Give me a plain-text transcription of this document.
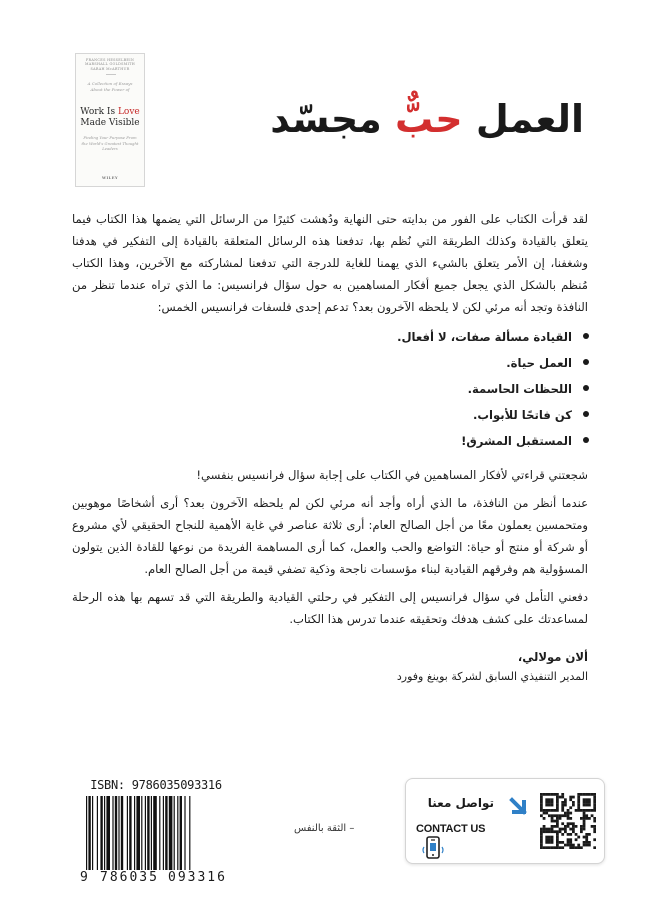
FRANCES HESSELBEIN MARSHALL GOLDSMITH SARAH McARTHUR
A Collection of Essays About the Power of
Work Is Love
Made Visible
Finding Your Purpose From the World's Greatest Thought Leaders
WILEY
العمل حبٌّ مجسّد

لقد قرأت الكتاب على الفور من بدايته حتى النهاية ودُهشت كثيرًا من الرسائل التي يضمها هذا الكتاب فيما يتعلق بالقيادة وكذلك الطريقة التي نُظم بها، تدفعنا هذه الرسائل المتعلقة بالقيادة إلى التفكير في هدفنا وشغفنا، إن الأمر يتعلق بالشيء الذي يهمنا للغاية للدرجة التي تدفعنا لمشاركته مع الآخرين، وهذا الكتاب مُنظم بالشكل الذي يجعل جميع أفكار المساهمين به حول سؤال فرانسيس: ما الذي تراه عندما تنظر من النافذة وتجد أنه مرئي لكن لا يلحظه الآخرون بعد؟ تدعم إحدى فلسفات فرانسيس الخمس:

القيادة مسألة صفات، لا أفعال.
العمل حياة.
اللحظات الحاسمة.
كن فاتحًا للأبواب.
المستقبل المشرق!

شجعتني قراءتي لأفكار المساهمين في الكتاب على إجابة سؤال فرانسيس بنفسي!

عندما أنظر من النافذة، ما الذي أراه وأجد أنه مرئي لكن لم يلحظه الآخرون بعد؟ أرى أشخاصًا موهوبين ومتحمسين يعملون معًا من أجل الصالح العام: أرى ثلاثة عناصر في غاية الأهمية للنجاح الحقيقي لأي مشروع أو شركة أو منتج أو حياة: التواضع والحب والعمل، كما أرى المساهمة الفريدة من نوعها للقادة الذين يتولون المسؤولية هم وفرقهم القيادية لبناء مؤسسات ناجحة وذكية تضفي قيمة من أجل الصالح العام.

دفعني التأمل في سؤال فرانسيس إلى التفكير في رحلتي القيادية والطريقة التي قد تسهم بها هذه الرحلة لمساعدتك على كشف هدفك وتحقيقه عندما تدرس هذا الكتاب.

ألان مولالي،
المدير التنفيذي السابق لشركة بوينغ وفورد
ISBN: 9786035093316
9 786035 093316
– الثقة بالنفس
تواصل معنا
CONTACT US
